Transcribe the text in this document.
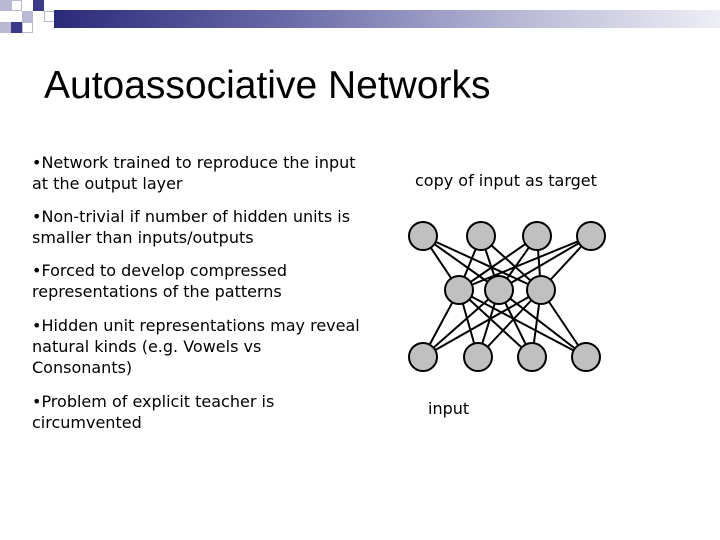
Autoassociative Networks
•Network trained to reproduce the input at the output layer
•Non-trivial if number of hidden units is smaller than inputs/outputs
•Forced to develop compressed representations of the patterns
•Hidden unit representations may reveal natural kinds (e.g. Vowels vs Consonants)
•Problem of explicit teacher is circumvented
copy of input as target
input
